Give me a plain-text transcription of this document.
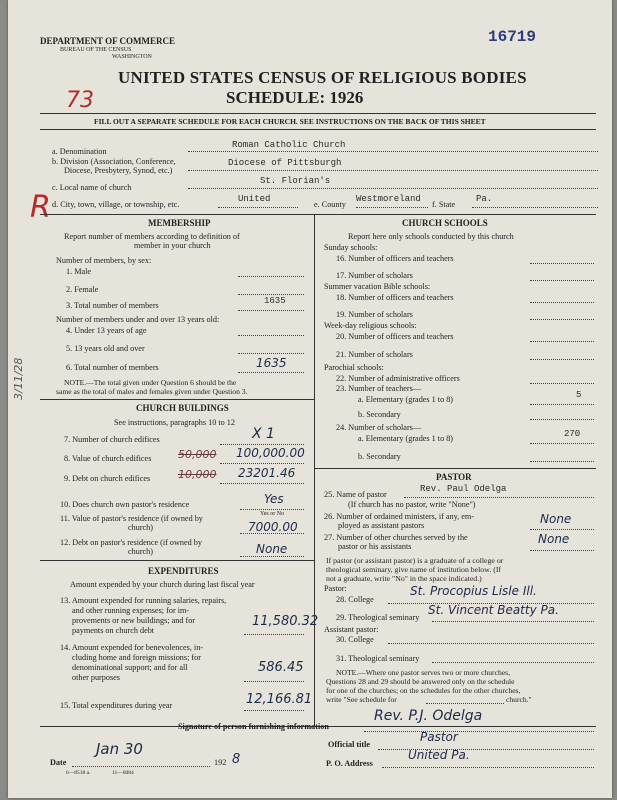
DEPARTMENT OF COMMERCE
BUREAU OF THE CENSUS
WASHINGTON
16719
UNITED STATES CENSUS OF RELIGIOUS BODIES
SCHEDULE: 1926
73
FILL OUT A SEPARATE SCHEDULE FOR EACH CHURCH. SEE INSTRUCTIONS ON THE BACK OF THIS SHEET
R
3/11/28
a. Denomination
Roman Catholic Church
b. Division (Association, Conference,
Diocese, Presbytery, Synod, etc.)
Diocese of Pittsburgh
c. Local name of church
St. Florian's
d. City, town, village, or township, etc.
United
e. County
Westmoreland
f. State
Pa.
MEMBERSHIP
Report number of members according to definition of
member in your church
Number of members, by sex:
1. Male
2. Female
3. Total number of members	1635
Number of members under and over 13 years old:
4. Under 13 years of age
5. 13 years old and over
6. Total number of members	1635
NOTE.—The total given under Question 6 should be the
same as the total of males and females given under Question 3.
CHURCH BUILDINGS
See instructions, paragraphs 10 to 12
7. Number of church edifices	X 1
8. Value of church edifices 50,000 100,000.00
9. Debt on church edifices	10,000 23201.46
10. Does church own pastor's residence	Yes
11. Value of pastor's residence (if owned by
church)
Yes or No
7000.00
12. Debt on pastor's residence (if owned by
church)	None
EXPENDITURES
Amount expended by your church during last fiscal year
13. Amount expended for running salaries, repairs,
and other running expenses; for im-
provements or new buildings; and for
payments on church debt
11,580.32
14. Amount expended for benevolences, in-
cluding home and foreign missions; for
denominational support; and for all
other purposes
586.45
15. Total expenditures during year	12,166.81
CHURCH SCHOOLS
Report here only schools conducted by this church
Sunday schools:
16. Number of officers and teachers
17. Number of scholars
Summer vacation Bible schools:
18. Number of officers and teachers
19. Number of scholars
Week-day religious schools:
20. Number of officers and teachers
21. Number of scholars
Parochial schools:
22. Number of administrative officers
23. Number of teachers—
a. Elementary (grades 1 to 8)	5
b. Secondary
24. Number of scholars—
a. Elementary (grades 1 to 8)	270
b. Secondary
PASTOR
25. Name of pastor
Rev. Paul Odelga
(If church has no pastor, write "None")
26. Number of ordained ministers, if any, em-
ployed as assistant pastors	None
27. Number of other churches served by the
pastor or his assistants
None
If pastor (or assistant pastor) is a graduate of a college or
theological seminary, give name of institution below. (If
not a graduate, write "No" in the space indicated.)
Pastor:
28. College
St. Procopius Lisle Ill.
29. Theological seminary
St. Vincent Beatty Pa.
Assistant pastor:
30. College
31. Theological seminary
NOTE.—Where one pastor serves two or more churches,
Questions 28 and 29 should be answered only on the schedule
for one of the churches; on the schedules for the other churches,
write "See schedule for	church."
Signature of person furnishing information
Rev. P.J. Odelga
Official title
Pastor
P. O. Address
United Pa.
Date
Jan 30
192 8
6—8518 a.	11—6084
